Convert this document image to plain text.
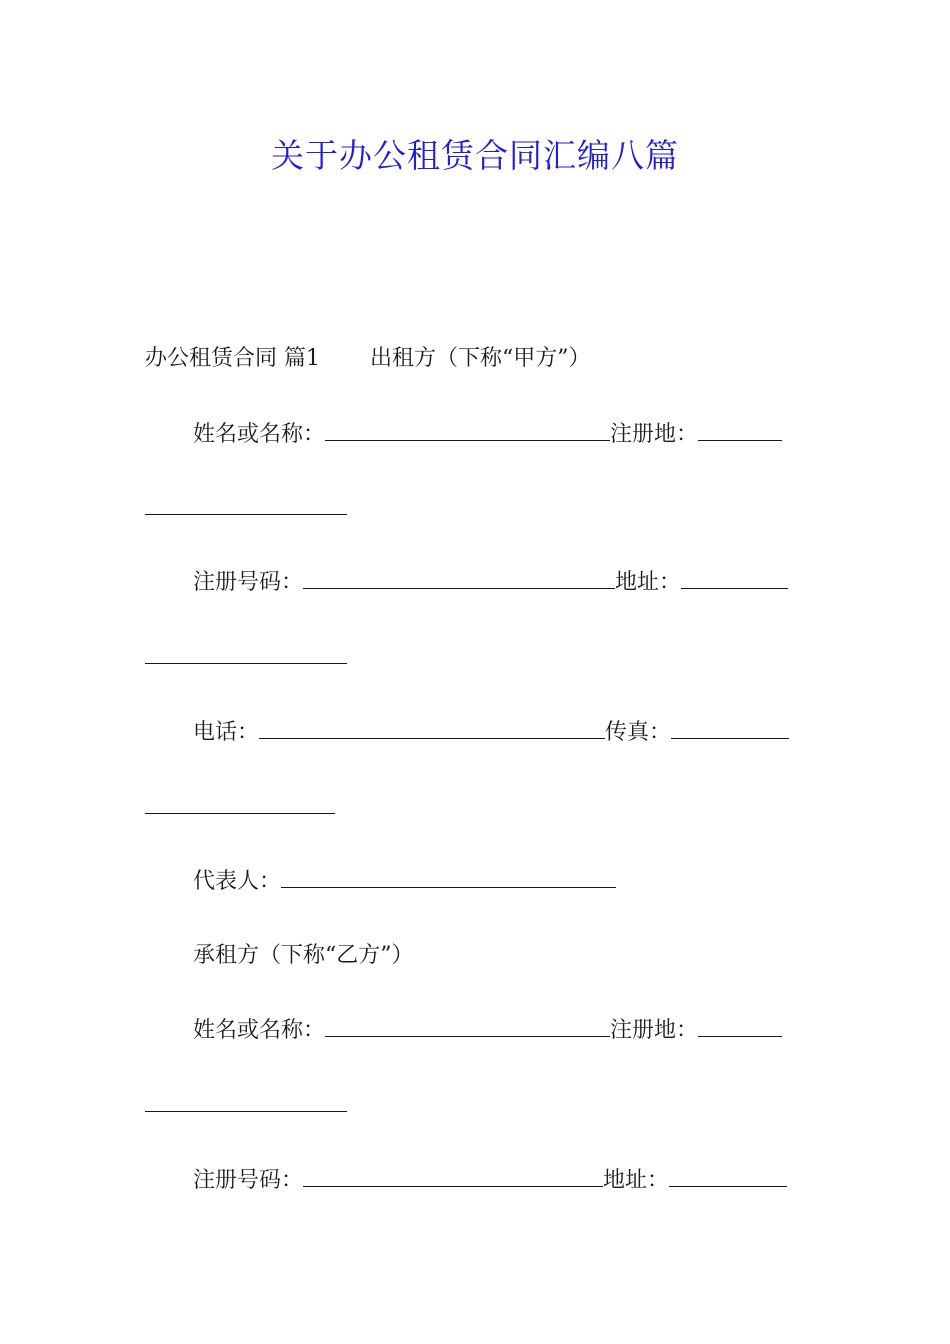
关于办公租赁合同汇编八篇
办公租赁合同 篇1 出租方（下称“甲方”）
姓名或名称：	注册地：
注册号码：	地址：
电话：	传真：
代表人：
承租方（下称“乙方”）
姓名或名称：	注册地：
注册号码：	地址：
